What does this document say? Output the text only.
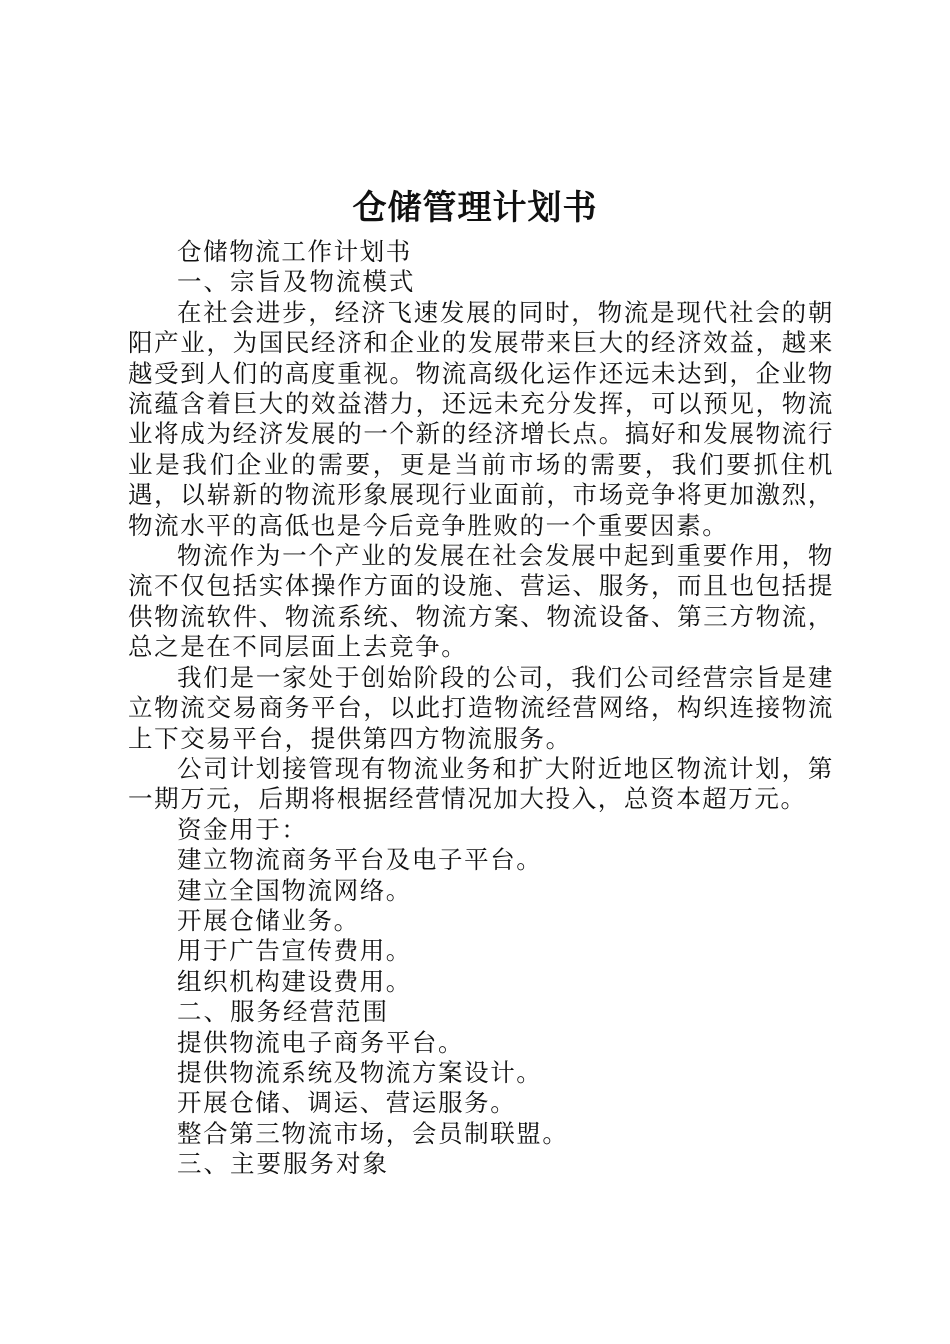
仓储管理计划书

仓储物流工作计划书

一、宗旨及物流模式

在社会进步，经济飞速发展的同时，物流是现代社会的朝阳产业，为国民经济和企业的发展带来巨大的经济效益，越来越受到人们的高度重视。物流高级化运作还远未达到，企业物流蕴含着巨大的效益潜力，还远未充分发挥，可以预见，物流业将成为经济发展的一个新的经济增长点。搞好和发展物流行业是我们企业的需要，更是当前市场的需要，我们要抓住机遇，以崭新的物流形象展现行业面前，市场竞争将更加激烈，物流水平的高低也是今后竞争胜败的一个重要因素。

物流作为一个产业的发展在社会发展中起到重要作用，物流不仅包括实体操作方面的设施、营运、服务，而且也包括提供物流软件、物流系统、物流方案、物流设备、第三方物流，总之是在不同层面上去竞争。

我们是一家处于创始阶段的公司，我们公司经营宗旨是建立物流交易商务平台，以此打造物流经营网络，构织连接物流上下交易平台，提供第四方物流服务。

公司计划接管现有物流业务和扩大附近地区物流计划，第一期万元，后期将根据经营情况加大投入，总资本超万元。

资金用于：

建立物流商务平台及电子平台。

建立全国物流网络。

开展仓储业务。

用于广告宣传费用。

组织机构建设费用。

二、服务经营范围

提供物流电子商务平台。

提供物流系统及物流方案设计。

开展仓储、调运、营运服务。

整合第三物流市场，会员制联盟。

三、主要服务对象
